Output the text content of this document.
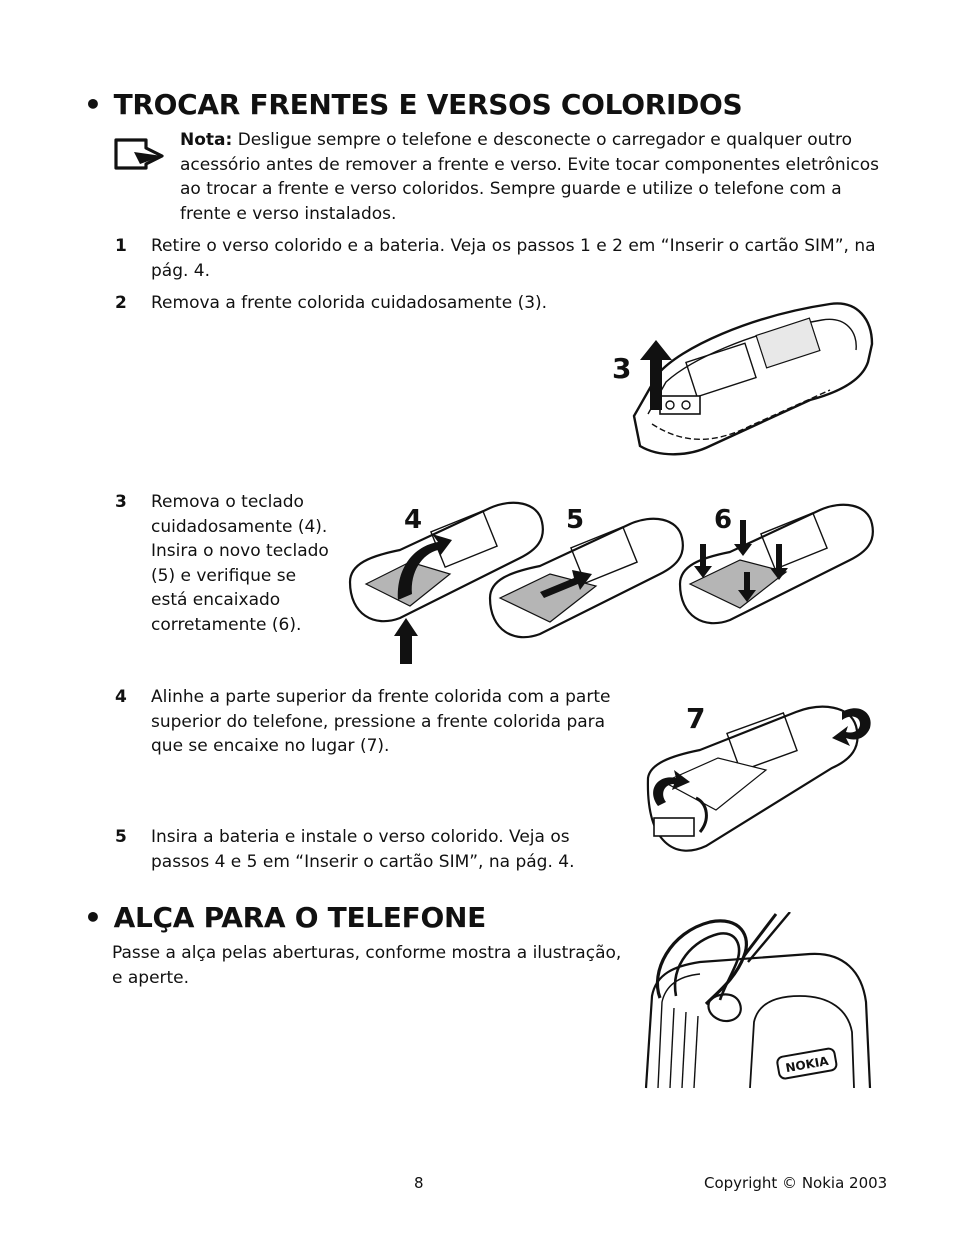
• TROCAR FRENTES E VERSOS COLORIDOS
Nota: Desligue sempre o telefone e desconecte o carregador e qualquer outro acessório antes de remover a frente e verso. Evite tocar componentes eletrônicos ao trocar a frente e verso coloridos. Sempre guarde e utilize o telefone com a frente e verso instalados.
1 Retire o verso colorido e a bateria. Veja os passos 1 e 2 em “Inserir o cartão SIM”, na pág. 4.
2 Remova a frente colorida cuidadosamente (3).
3
3 Remova o teclado cuidadosamente (4). Insira o novo teclado (5) e verifique se está encaixado corretamente (6).
4	5	6
4 Alinhe a parte superior da frente colorida com a parte superior do telefone, pressione a frente colorida para que se encaixe no lugar (7).
7
5 Insira a bateria e instale o verso colorido. Veja os passos 4 e 5 em “Inserir o cartão SIM”, na pág. 4.
• ALÇA PARA O TELEFONE
Passe a alça pelas aberturas, conforme mostra a ilustração, e aperte.
NOKIA
8	Copyright © Nokia 2003
